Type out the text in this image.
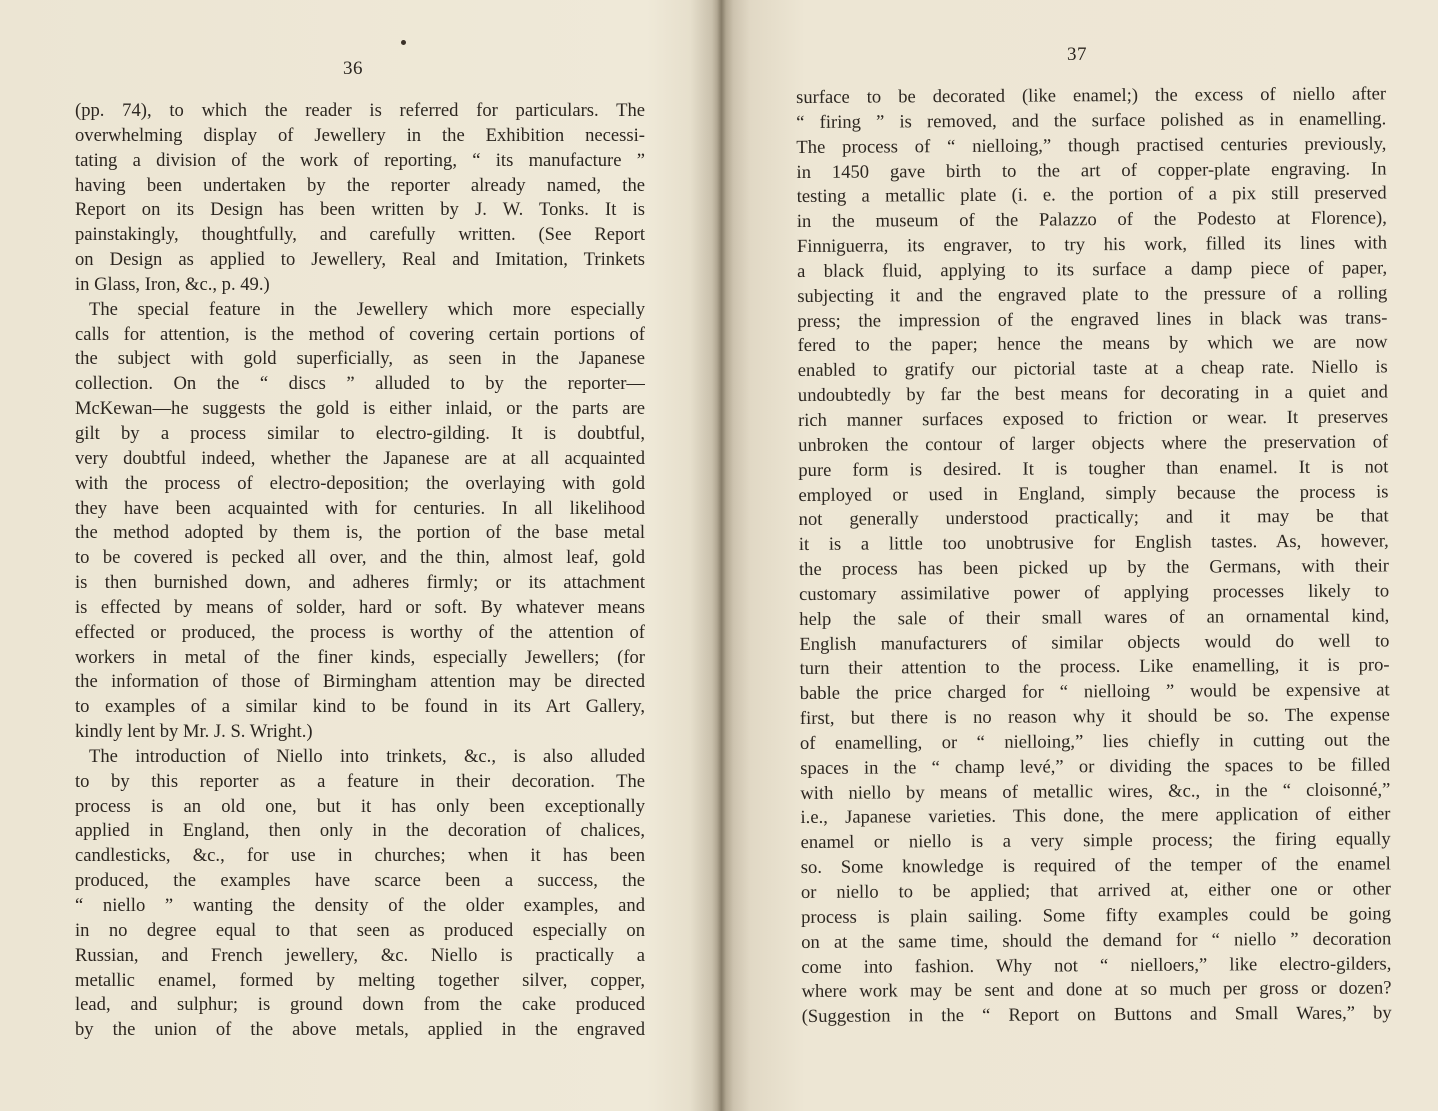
36
(pp. 74), to which the reader is referred for particulars. The
overwhelming display of Jewellery in the Exhibition necessi-
tating a division of the work of reporting, “ its manufacture ”
having been undertaken by the reporter already named, the
Report on its Design has been written by J. W. Tonks. It is
painstakingly, thoughtfully, and carefully written. (See Report
on Design as applied to Jewellery, Real and Imitation, Trinkets
in Glass, Iron, &c., p. 49.)
The special feature in the Jewellery which more especially
calls for attention, is the method of covering certain portions of
the subject with gold superficially, as seen in the Japanese
collection. On the “ discs ” alluded to by the reporter—
McKewan—he suggests the gold is either inlaid, or the parts are
gilt by a process similar to electro-gilding. It is doubtful,
very doubtful indeed, whether the Japanese are at all acquainted
with the process of electro-deposition; the overlaying with gold
they have been acquainted with for centuries. In all likelihood
the method adopted by them is, the portion of the base metal
to be covered is pecked all over, and the thin, almost leaf, gold
is then burnished down, and adheres firmly; or its attachment
is effected by means of solder, hard or soft. By whatever means
effected or produced, the process is worthy of the attention of
workers in metal of the finer kinds, especially Jewellers; (for
the information of those of Birmingham attention may be directed
to examples of a similar kind to be found in its Art Gallery,
kindly lent by Mr. J. S. Wright.)
The introduction of Niello into trinkets, &c., is also alluded
to by this reporter as a feature in their decoration. The
process is an old one, but it has only been exceptionally
applied in England, then only in the decoration of chalices,
candlesticks, &c., for use in churches; when it has been
produced, the examples have scarce been a success, the
“ niello ” wanting the density of the older examples, and
in no degree equal to that seen as produced especially on
Russian, and French jewellery, &c. Niello is practically a
metallic enamel, formed by melting together silver, copper,
lead, and sulphur; is ground down from the cake produced
by the union of the above metals, applied in the engraved
37
surface to be decorated (like enamel;) the excess of niello after
“ firing ” is removed, and the surface polished as in enamelling.
The process of “ nielloing,” though practised centuries previously,
in 1450 gave birth to the art of copper-plate engraving. In
testing a metallic plate (i. e. the portion of a pix still preserved
in the museum of the Palazzo of the Podesto at Florence),
Finniguerra, its engraver, to try his work, filled its lines with
a black fluid, applying to its surface a damp piece of paper,
subjecting it and the engraved plate to the pressure of a rolling
press; the impression of the engraved lines in black was trans-
fered to the paper; hence the means by which we are now
enabled to gratify our pictorial taste at a cheap rate. Niello is
undoubtedly by far the best means for decorating in a quiet and
rich manner surfaces exposed to friction or wear. It preserves
unbroken the contour of larger objects where the preservation of
pure form is desired. It is tougher than enamel. It is not
employed or used in England, simply because the process is
not generally understood practically; and it may be that
it is a little too unobtrusive for English tastes. As, however,
the process has been picked up by the Germans, with their
customary assimilative power of applying processes likely to
help the sale of their small wares of an ornamental kind,
English manufacturers of similar objects would do well to
turn their attention to the process. Like enamelling, it is pro-
bable the price charged for “ nielloing ” would be expensive at
first, but there is no reason why it should be so. The expense
of enamelling, or “ nielloing,” lies chiefly in cutting out the
spaces in the “ champ levé,” or dividing the spaces to be filled
with niello by means of metallic wires, &c., in the “ cloisonné,”
i.e., Japanese varieties. This done, the mere application of either
enamel or niello is a very simple process; the firing equally
so. Some knowledge is required of the temper of the enamel
or niello to be applied; that arrived at, either one or other
process is plain sailing. Some fifty examples could be going
on at the same time, should the demand for “ niello ” decoration
come into fashion. Why not “ nielloers,” like electro-gilders,
where work may be sent and done at so much per gross or dozen?
(Suggestion in the “ Report on Buttons and Small Wares,” by
